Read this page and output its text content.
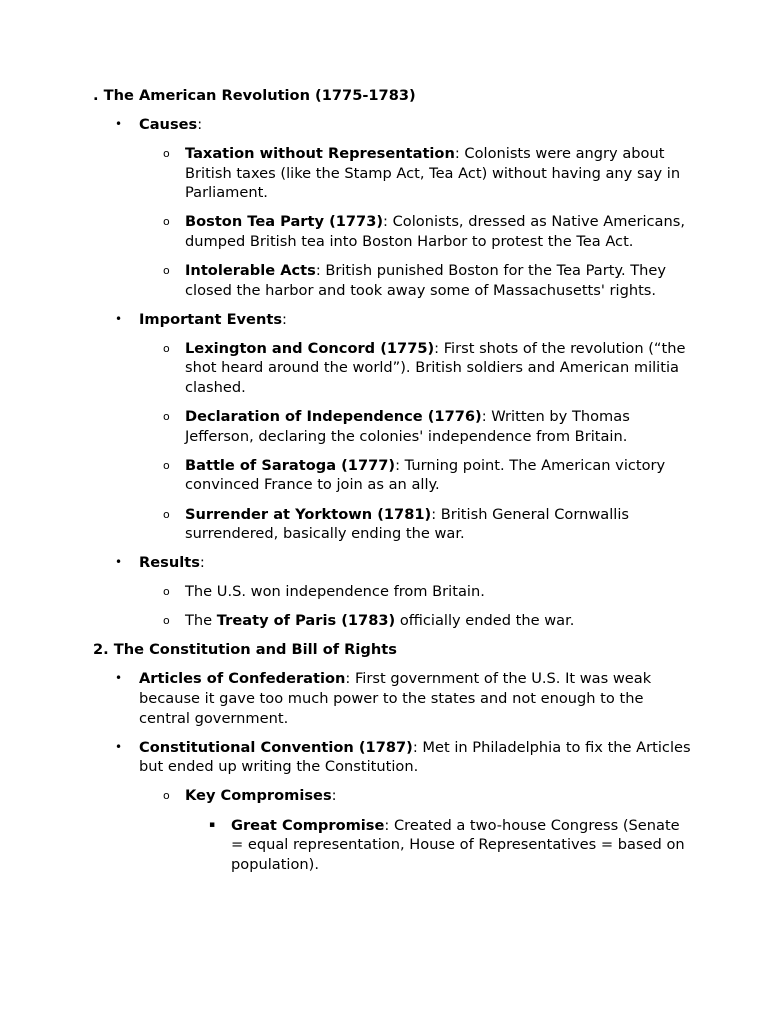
. The American Revolution (1775-1783)
• Causes:
o Taxation without Representation: Colonists were angry about British taxes (like the Stamp Act, Tea Act) without having any say in Parliament.
o Boston Tea Party (1773): Colonists, dressed as Native Americans, dumped British tea into Boston Harbor to protest the Tea Act.
o Intolerable Acts: British punished Boston for the Tea Party. They closed the harbor and took away some of Massachusetts' rights.
• Important Events:
o Lexington and Concord (1775): First shots of the revolution (“the shot heard around the world”). British soldiers and American militia clashed.
o Declaration of Independence (1776): Written by Thomas Jefferson, declaring the colonies' independence from Britain.
o Battle of Saratoga (1777): Turning point. The American victory convinced France to join as an ally.
o Surrender at Yorktown (1781): British General Cornwallis surrendered, basically ending the war.
• Results:
o The U.S. won independence from Britain.
o The Treaty of Paris (1783) officially ended the war.
2. The Constitution and Bill of Rights
• Articles of Confederation: First government of the U.S. It was weak because it gave too much power to the states and not enough to the central government.
• Constitutional Convention (1787): Met in Philadelphia to fix the Articles but ended up writing the Constitution.
o Key Compromises:
▪ Great Compromise: Created a two-house Congress (Senate = equal representation, House of Representatives = based on population).
